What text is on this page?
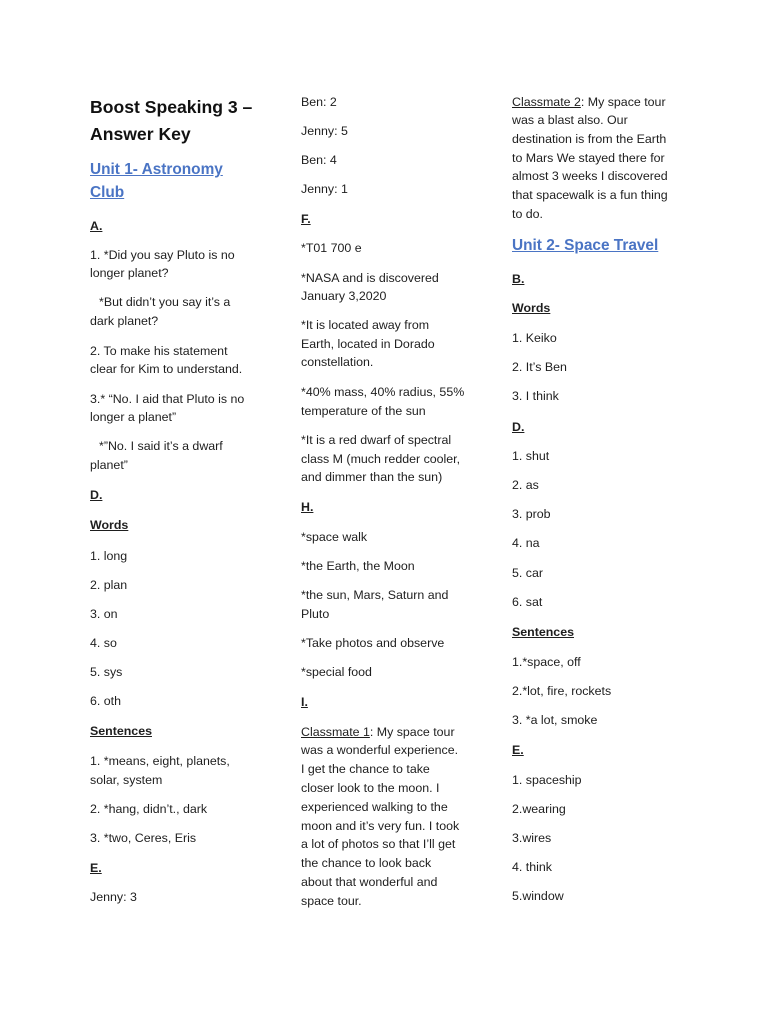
Boost Speaking 3 –
Answer Key
Unit 1- Astronomy
Club
A.
1. *Did you say Pluto is no
longer planet?
*But didn’t you say it’s a
dark planet?
2. To make his statement
clear for Kim to understand.
3.* “No. I aid that Pluto is no
longer a planet”
*”No. I said it’s a dwarf
planet”
D.
Words
1. long
2. plan
3. on
4. so
5. sys
6. oth
Sentences
1. *means, eight, planets,
solar, system
2. *hang, didn’t., dark
3. *two, Ceres, Eris
E.
Jenny: 3
Ben: 2
Jenny: 5
Ben: 4
Jenny: 1
F.
*T01 700 e
*NASA and is discovered
January 3,2020
*It is located away from
Earth, located in Dorado
constellation.
*40% mass, 40% radius, 55%
temperature of the sun
*It is a red dwarf of spectral
class M (much redder cooler,
and dimmer than the sun)
H.
*space walk
*the Earth, the Moon
*the sun, Mars, Saturn and
Pluto
*Take photos and observe
*special food
I.
Classmate 1: My space tour
was a wonderful experience.
I get the chance to take
closer look to the moon. I
experienced walking to the
moon and it’s very fun. I took
a lot of photos so that I’ll get
the chance to look back
about that wonderful and
space tour.
Classmate 2: My space tour
was a blast also. Our
destination is from the Earth
to Mars We stayed there for
almost 3 weeks I discovered
that spacewalk is a fun thing
to do.
Unit 2- Space Travel
B.
Words
1. Keiko
2. It’s Ben
3. I think
D.
1. shut
2. as
3. prob
4. na
5. car
6. sat
Sentences
1.*space, off
2.*lot, fire, rockets
3. *a lot, smoke
E.
1. spaceship
2.wearing
3.wires
4. think
5.window
